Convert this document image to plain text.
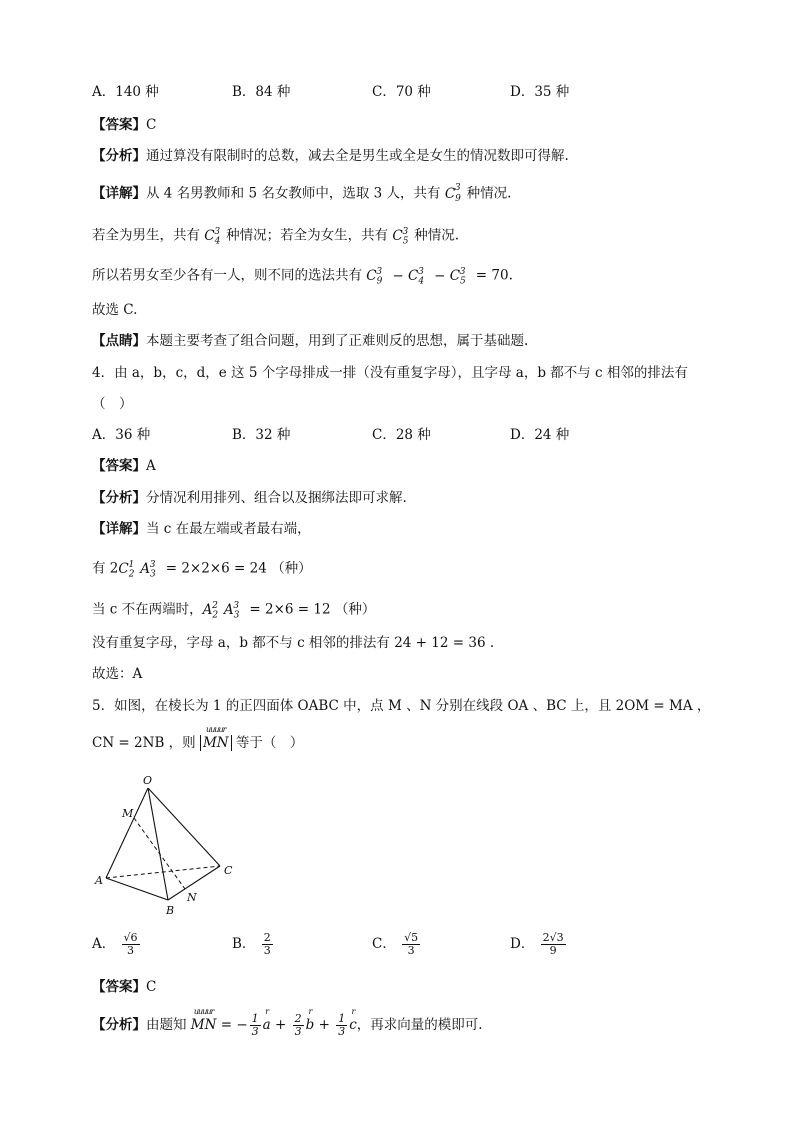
A．140 种	B．84 种	C．70 种	D．35 种
【答案】C
【分析】通过算没有限制时的总数，减去全是男生或全是女生的情况数即可得解.
【详解】从 4 名男教师和 5 名女教师中，选取 3 人，共有 $C_9^3$ 种情况.
若全为男生，共有 $C_4^3$ 种情况；若全为女生，共有 $C_5^3$ 种情况.
所以若男女至少各有一人，则不同的选法共有 $C_9^3 - C_4^3 - C_5^3 = 70$.
故选 C.
【点睛】本题主要考查了组合问题，用到了正难则反的思想，属于基础题.
4．由 a，b，c，d，e 这 5 个字母排成一排（没有重复字母），且字母 a，b 都不与 c 相邻的排法有
（　）
A．36 种	B．32 种	C．28 种	D．24 种
【答案】A
【分析】分情况利用排列、组合以及捆绑法即可求解.
【详解】当 c 在最左端或者最右端，
有 $2C_2^1$ $A_3^3 = 2\times 2\times 6 = 24$ （种）
当 c 不在两端时，$A_2^2$ $A_3^3 = 2\times 6 = 12$ （种）
没有重复字母，字母 a，b 都不与 c 相邻的排法有 24 + 12 = 36 .
故选：A
5．如图，在棱长为 1 的正四面体 OABC 中，点 M 、N 分别在线段 OA 、BC 上，且 2OM = MA ，
CN = 2NB ，则 MN
uuuur
等于（　）
O
M
A
B
C
N
A． $\frac{√6}{3}$	B． $\frac{2}{3}$	C． $\frac{√5}{3}$	D． $\frac{2√3}{9}$
【答案】C
【分析】由题知 MN
uuuur
= − $\frac{1}{3}$ a
r
+ $\frac{2}{3}$ b
r
+ $\frac{1}{3}$ c
r
，再求向量的模即可.
